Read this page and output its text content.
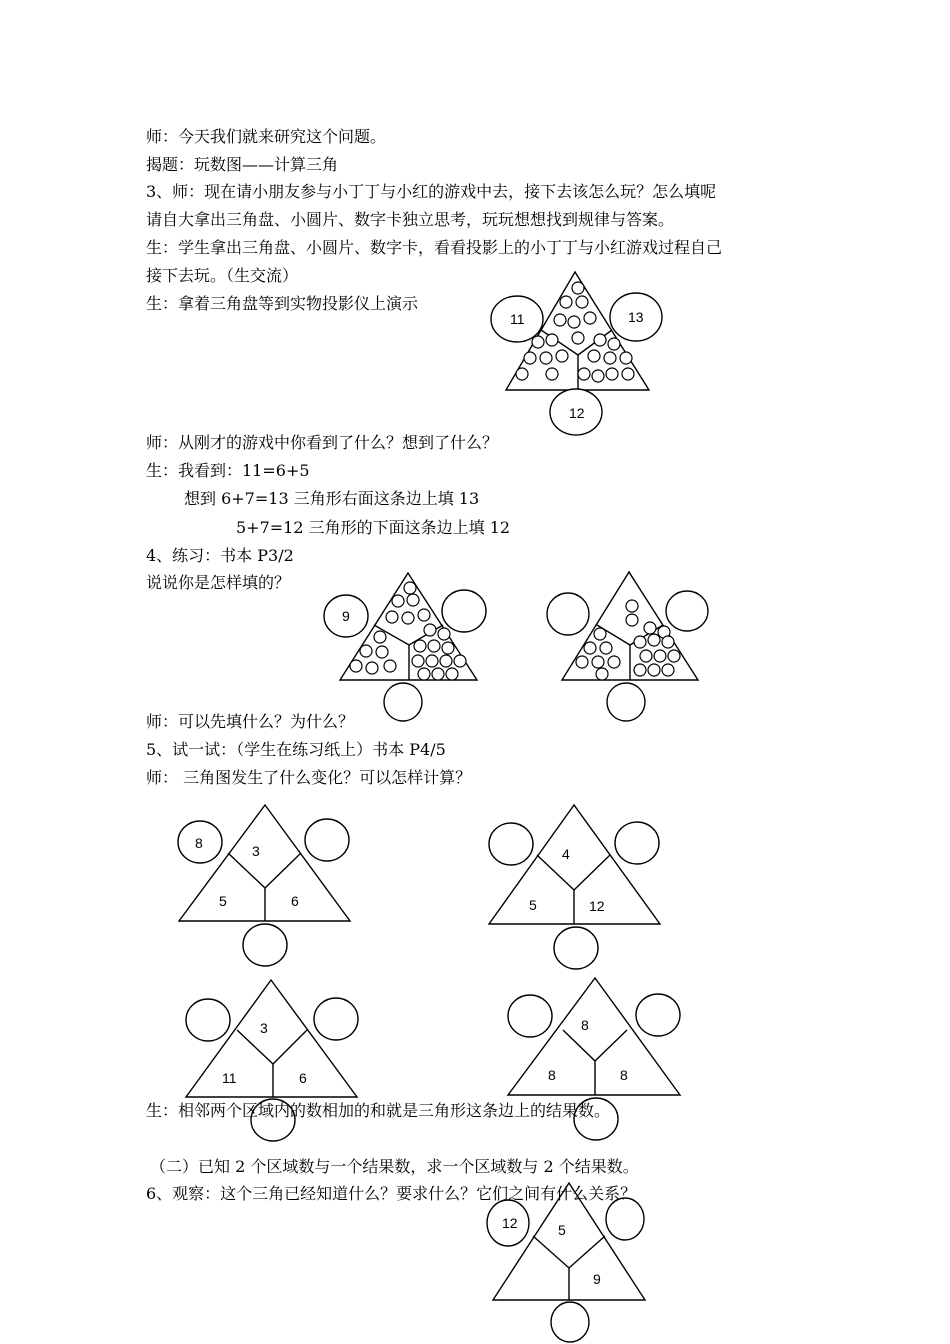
11	13
12
9
8	3
5	6
4
5	12
3
11	6
8
8	8
12	5
9
师：今天我们就来研究这个问题。
揭题：玩数图——计算三角
3、师：现在请小朋友参与小丁丁与小红的游戏中去，接下去该怎么玩？怎么填呢
请自大拿出三角盘、小圆片、数字卡独立思考，玩玩想想找到规律与答案。
生：学生拿出三角盘、小圆片、数字卡，看看投影上的小丁丁与小红游戏过程自己
接下去玩。（生交流）
生：拿着三角盘等到实物投影仪上演示
师：从刚才的游戏中你看到了什么？想到了什么？
生：我看到：11=6+5
想到 6+7=13 三角形右面这条边上填 13
5+7=12 三角形的下面这条边上填 12
4、练习：书本 P3/2
说说你是怎样填的？
师：可以先填什么？为什么？
5、试一试：（学生在练习纸上）书本 P4/5
师： 三角图发生了什么变化？可以怎样计算？
生：相邻两个区域内的数相加的和就是三角形这条边上的结果数。
（二）已知 2 个区域数与一个结果数，求一个区域数与 2 个结果数。
6、观察：这个三角已经知道什么？要求什么？它们之间有什么关系？
